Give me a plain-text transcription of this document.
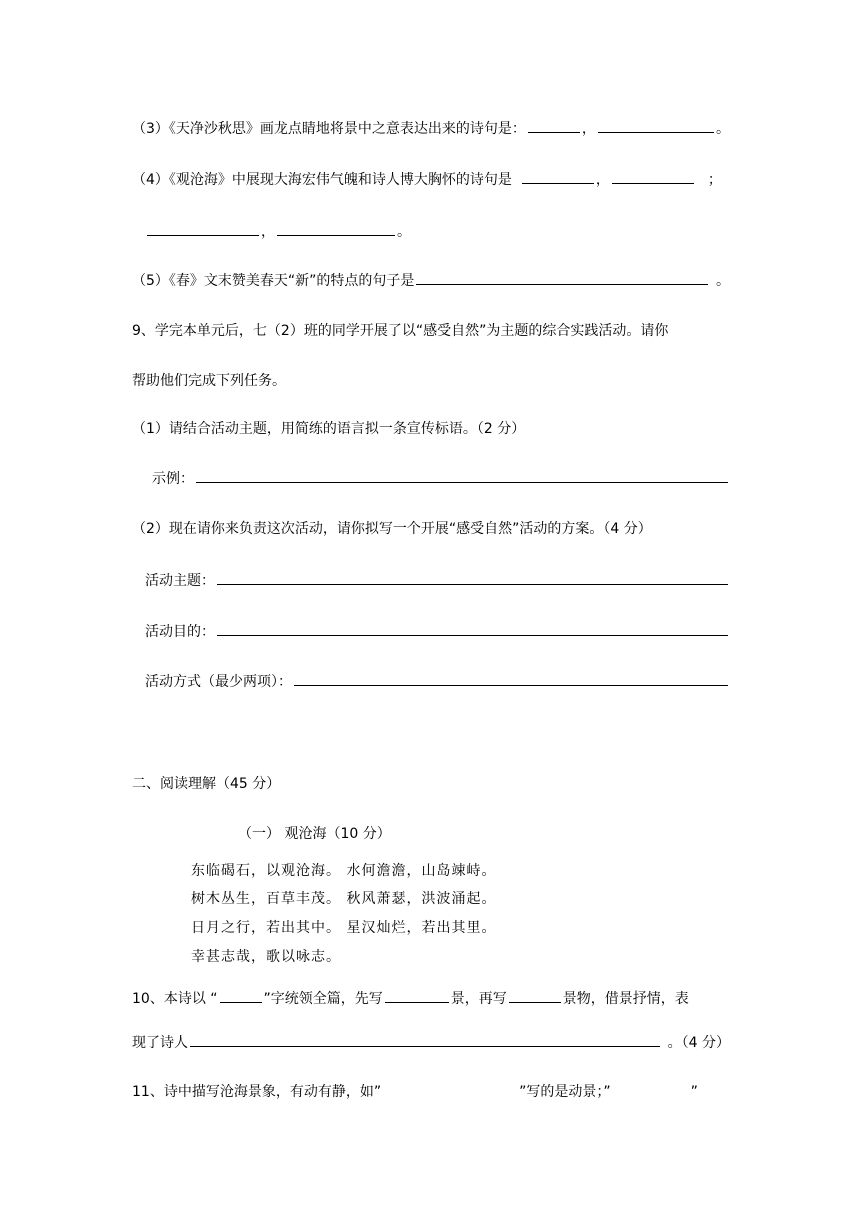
（3）《天净沙秋思》画龙点睛地将景中之意表达出来的诗句是：	，	。
（4）《观沧海》中展现大海宏伟气魄和诗人博大胸怀的诗句是	，	；
，	。
（5）《春》文末赞美春天“新”的特点的句子是	。
9、学完本单元后，七（2）班的同学开展了以“感受自然”为主题的综合实践活动。请你
帮助他们完成下列任务。
（1）请结合活动主题，用简练的语言拟一条宣传标语。（2 分）
示例：
（2）现在请你来负责这次活动，请你拟写一个开展“感受自然”活动的方案。（4 分）
活动主题：
活动目的：
活动方式（最少两项）：
二、阅读理解（45 分）
（一） 观沧海（10 分）
东临碣石，以观沧海。 水何澹澹，山岛竦峙。
树木丛生，百草丰茂。 秋风萧瑟，洪波涌起。
日月之行，若出其中。 星汉灿烂，若出其里。
幸甚志哉，歌以咏志。
10、本诗以 “	”字统领全篇，先写	景，再写	景物，借景抒情，表
现了诗人	。（4 分）
11、诗中描写沧海景象，有动有静，如”	”写的是动景；”	”
